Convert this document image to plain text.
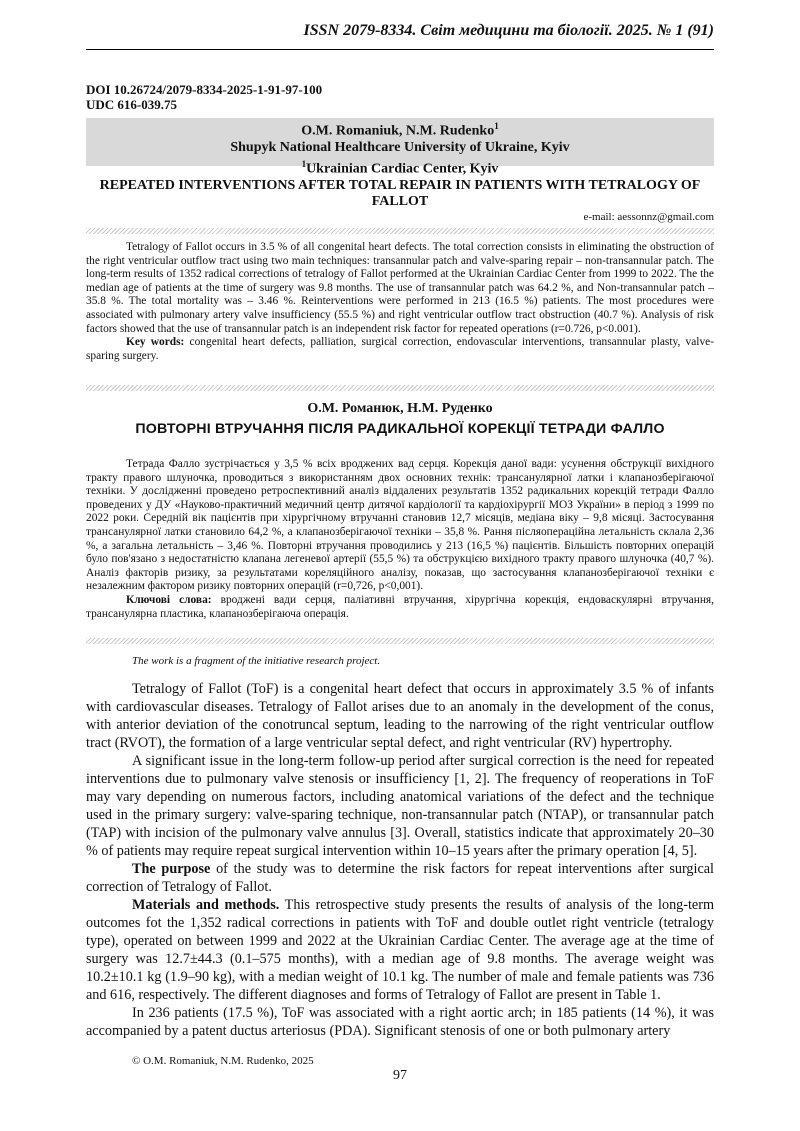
ISSN 2079-8334. Світ медицини та біології. 2025. № 1 (91)
DOI 10.26724/2079-8334-2025-1-91-97-100
UDC 616-039.75
O.M. Romaniuk, N.M. Rudenko$^1$
Shupyk National Healthcare University of Ukraine, Kyiv
$^1$Ukrainian Cardiac Center, Kyiv
REPEATED INTERVENTIONS AFTER TOTAL REPAIR IN PATIENTS WITH TETRALOGY OF FALLOT
e-mail: aessonnz@gmail.com

Tetralogy of Fallot occurs in 3.5 % of all congenital heart defects. The total correction consists in eliminating the obstruction of the right ventricular outflow tract using two main techniques: transannular patch and valve-sparing repair – non-transannular patch. The long-term results of 1352 radical corrections of tetralogy of Fallot performed at the Ukrainian Cardiac Center from 1999 to 2022. The the median age of patients at the time of surgery was 9.8 months. The use of transannular patch was 64.2 %, and Non-transannular patch – 35.8 %. The total mortality was – 3.46 %. Reinterventions were performed in 213 (16.5 %) patients. The most procedures were associated with pulmonary artery valve insufficiency (55.5 %) and right ventricular outflow tract obstruction (40.7 %). Analysis of risk factors showed that the use of transannular patch is an independent risk factor for repeated operations (r=0.726, p<0.001).

Key words: congenital heart defects, palliation, surgical correction, endovascular interventions, transannular plasty, valve-sparing surgery.

О.М. Романюк, Н.М. Руденко
ПОВТОРНІ ВТРУЧАННЯ ПІСЛЯ РАДИКАЛЬНОЇ КОРЕКЦІЇ ТЕТРАДИ ФАЛЛО

Тетрада Фалло зустрічається у 3,5 % всіх вроджених вад серця. Корекція даної вади: усунення обструкції вихідного тракту правого шлуночка, проводиться з використанням двох основних технік: трансанулярної латки і клапанозберігаючої техніки. У дослідженні проведено ретроспективний аналіз віддалених результатів 1352 радикальних корекцій тетради Фалло проведених у ДУ «Науково-практичний медичний центр дитячої кардіології та кардіохірургії МОЗ України» в період з 1999 по 2022 роки. Середній вік пацієнтів при хірургічному втручанні становив 12,7 місяців, медіана віку – 9,8 місяці. Застосування трансанулярної латки становило 64,2 %, а клапанозберігаючої техніки – 35,8 %. Рання післяопераційна летальність склала 2,36 %, а загальна летальність – 3,46 %. Повторні втручання проводились у 213 (16,5 %) пацієнтів. Більшість повторних операцій було пов'язано з недостатністю клапана легеневої артерії (55,5 %) та обструкцією вихідного тракту правого шлуночка (40,7 %). Аналіз факторів ризику, за результатами кореляційного аналізу, показав, що застосування клапанозберігаючої техніки є незалежним фактором ризику повторних операцій (r=0,726, p<0,001).

Ключові слова: вроджені вади серця, паліативні втручання, хірургічна корекція, ендоваскулярні втручання, трансанулярна пластика, клапанозберігаюча операція.

The work is a fragment of the initiative research project.

Tetralogy of Fallot (ToF) is a congenital heart defect that occurs in approximately 3.5 % of infants with cardiovascular diseases. Tetralogy of Fallot arises due to an anomaly in the development of the conus, with anterior deviation of the conotruncal septum, leading to the narrowing of the right ventricular outflow tract (RVOT), the formation of a large ventricular septal defect, and right ventricular (RV) hypertrophy.

A significant issue in the long-term follow-up period after surgical correction is the need for repeated interventions due to pulmonary valve stenosis or insufficiency [1, 2]. The frequency of reoperations in ToF may vary depending on numerous factors, including anatomical variations of the defect and the technique used in the primary surgery: valve-sparing technique, non-transannular patch (NTAP), or transannular patch (TAP) with incision of the pulmonary valve annulus [3]. Overall, statistics indicate that approximately 20–30 % of patients may require repeat surgical intervention within 10–15 years after the primary operation [4, 5].

The purpose of the study was to determine the risk factors for repeat interventions after surgical correction of Tetralogy of Fallot.

Materials and methods. This retrospective study presents the results of analysis of the long-term outcomes fot the 1,352 radical corrections in patients with ToF and double outlet right ventricle (tetralogy type), operated on between 1999 and 2022 at the Ukrainian Cardiac Center. The average age at the time of surgery was 12.7±44.3 (0.1–575 months), with a median age of 9.8 months. The average weight was 10.2±10.1 kg (1.9–90 kg), with a median weight of 10.1 kg. The number of male and female patients was 736 and 616, respectively. The different diagnoses and forms of Tetralogy of Fallot are present in Table 1.

In 236 patients (17.5 %), ToF was associated with a right aortic arch; in 185 patients (14 %), it was accompanied by a patent ductus arteriosus (PDA). Significant stenosis of one or both pulmonary artery

© O.M. Romaniuk, N.M. Rudenko, 2025
97
